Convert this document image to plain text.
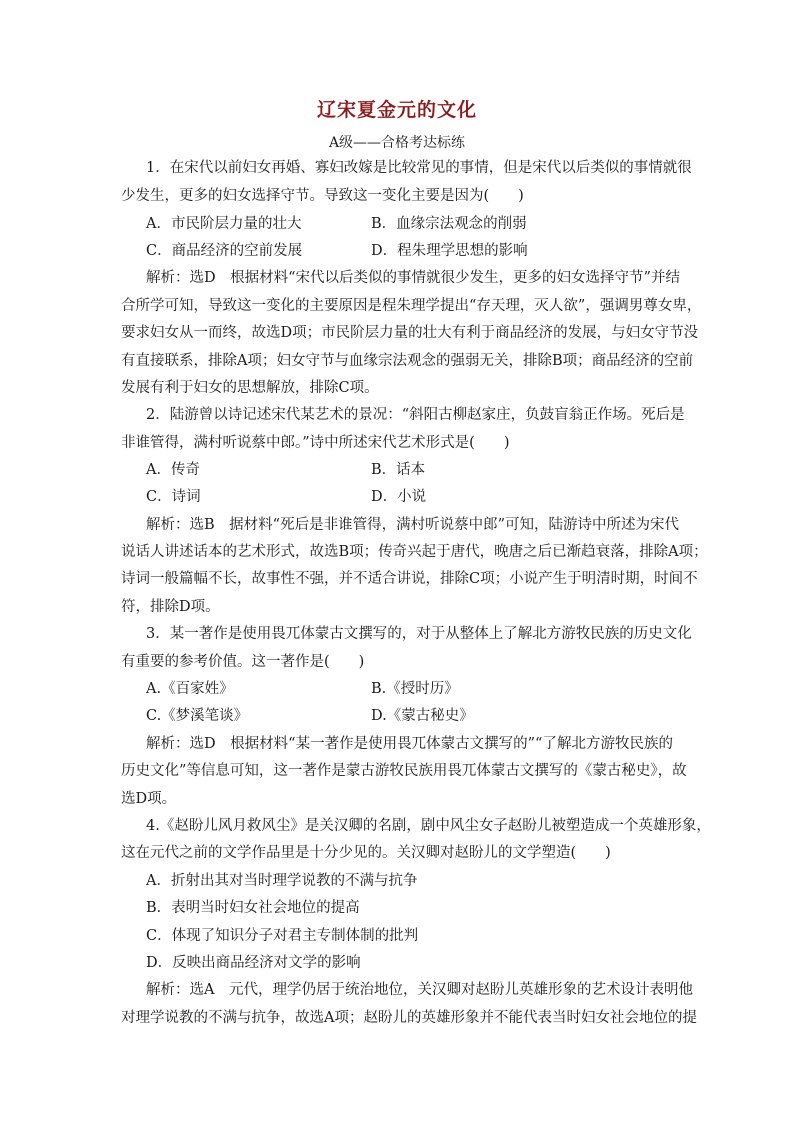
辽宋夏金元的文化
A级——合格考达标练
1．在宋代以前妇女再婚、寡妇改嫁是比较常见的事情，但是宋代以后类似的事情就很
少发生，更多的妇女选择守节。导致这一变化主要是因为(　　)
A．市民阶层力量的壮大	B．血缘宗法观念的削弱
C．商品经济的空前发展	D．程朱理学思想的影响
解析：选D　根据材料“宋代以后类似的事情就很少发生，更多的妇女选择守节”并结
合所学可知，导致这一变化的主要原因是程朱理学提出“存天理，灭人欲”，强调男尊女卑，
要求妇女从一而终，故选D项；市民阶层力量的壮大有利于商品经济的发展，与妇女守节没
有直接联系，排除A项；妇女守节与血缘宗法观念的强弱无关，排除B项；商品经济的空前
发展有利于妇女的思想解放，排除C项。
2．陆游曾以诗记述宋代某艺术的景况：“斜阳古柳赵家庄，负鼓盲翁正作场。死后是
非谁管得，满村听说蔡中郎。”诗中所述宋代艺术形式是(　　)
A．传奇	B．话本
C．诗词	D．小说
解析：选B　据材料“死后是非谁管得，满村听说蔡中郎”可知，陆游诗中所述为宋代
说话人讲述话本的艺术形式，故选B项；传奇兴起于唐代，晚唐之后已渐趋衰落，排除A项；
诗词一般篇幅不长，故事性不强，并不适合讲说，排除C项；小说产生于明清时期，时间不
符，排除D项。
3．某一著作是使用畏兀体蒙古文撰写的，对于从整体上了解北方游牧民族的历史文化
有重要的参考价值。这一著作是(　　)
A.《百家姓》	B.《授时历》
C.《梦溪笔谈》	D.《蒙古秘史》
解析：选D　根据材料“某一著作是使用畏兀体蒙古文撰写的”“了解北方游牧民族的
历史文化”等信息可知，这一著作是蒙古游牧民族用畏兀体蒙古文撰写的《蒙古秘史》，故
选D项。
4.《赵盼儿风月救风尘》是关汉卿的名剧，剧中风尘女子赵盼儿被塑造成一个英雄形象，
这在元代之前的文学作品里是十分少见的。关汉卿对赵盼儿的文学塑造(　　)
A．折射出其对当时理学说教的不满与抗争
B．表明当时妇女社会地位的提高
C．体现了知识分子对君主专制体制的批判
D．反映出商品经济对文学的影响
解析：选A　元代，理学仍居于统治地位，关汉卿对赵盼儿英雄形象的艺术设计表明他
对理学说教的不满与抗争，故选A项；赵盼儿的英雄形象并不能代表当时妇女社会地位的提
